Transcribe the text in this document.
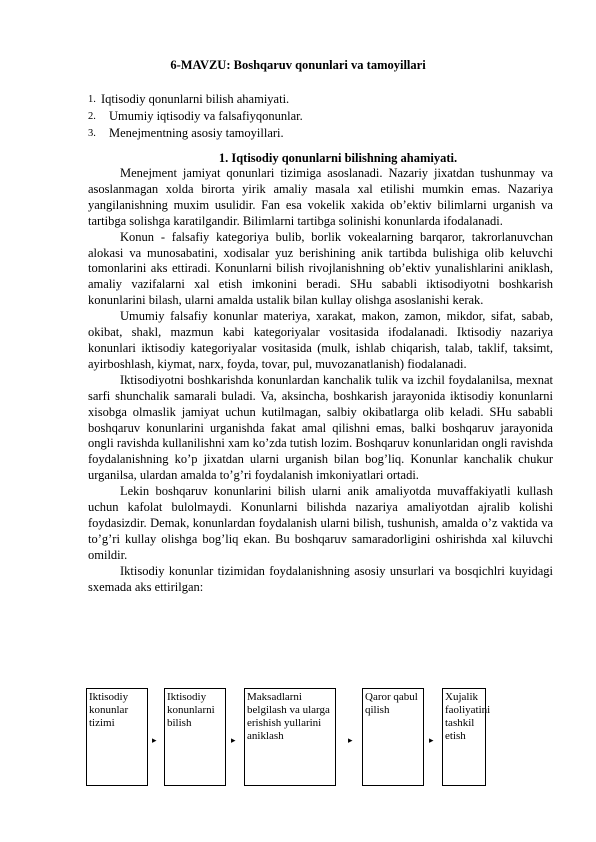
6-MAVZU: Boshqaruv qonunlari va tamoyillari
1. Iqtisodiy qonunlarni bilish ahamiyati.
2.	Umumiy iqtisodiy va falsafiyqonunlar.
3.	Menejmentning asosiy tamoyillari.
1. Iqtisodiy qonunlarni bilishning ahamiyati.

Menejment jamiyat qonunlari tizimiga asoslanadi. Nazariy jixatdan tushunmay va asoslanmagan xolda birorta yirik amaliy masala xal etilishi mumkin emas. Nazariya yangilanishning muxim usulidir. Fan esa vokelik xakida ob’ektiv bilimlarni urganish va tartibga solishga karatilgandir. Bilimlarni tartibga solinishi konunlarda ifodalanadi.

Konun - falsafiy kategoriya bulib, borlik vokealarning barqaror, takrorlanuvchan alokasi va munosabatini, xodisalar yuz berishining anik tartibda bulishiga olib keluvchi tomonlarini aks ettiradi. Konunlarni bilish rivojlanishning ob’ektiv yunalishlarini aniklash, amaliy vazifalarni xal etish imkonini beradi. SHu sababli iktisodiyotni boshkarish konunlarini bilash, ularni amalda ustalik bilan kullay olishga asoslanishi kerak.

Umumiy falsafiy konunlar materiya, xarakat, makon, zamon, mikdor, sifat, sabab, okibat, shakl, mazmun kabi kategoriyalar vositasida ifodalanadi. Iktisodiy nazariya konunlari iktisodiy kategoriyalar vositasida (mulk, ishlab chiqarish, talab, taklif, taksimt, ayirboshlash, kiymat, narx, foyda, tovar, pul, muvozanatlanish) fiodalanadi.

Iktisodiyotni boshkarishda konunlardan kanchalik tulik va izchil foydalanilsa, mexnat sarfi shunchalik samarali buladi. Va, aksincha, boshkarish jarayonida iktisodiy konunlarni xisobga olmaslik jamiyat uchun kutilmagan, salbiy okibatlarga olib keladi. SHu sababli boshqaruv konunlarini urganishda fakat amal qilishni emas, balki boshqaruv jarayonida ongli ravishda kullanilishni xam ko’zda tutish lozim. Boshqaruv konunlaridan ongli ravishda foydalanishning ko’p jixatdan ularni urganish bilan bog’liq. Konunlar kanchalik chukur urganilsa, ulardan amalda to’g’ri foydalanish imkoniyatlari ortadi.

Lekin boshqaruv konunlarini bilish ularni anik amaliyotda muvaffakiyatli kullash uchun kafolat bulolmaydi. Konunlarni bilishda nazariya amaliyotdan ajralib kolishi foydasizdir. Demak, konunlardan foydalanish ularni bilish, tushunish, amalda o’z vaktida va to’g’ri kullay olishga bog’liq ekan. Bu boshqaruv samaradorligini oshirishda xal kiluvchi omildir.

Iktisodiy konunlar tizimidan foydalanishning asosiy unsurlari va bosqichlri kuyidagi sxemada aks ettirilgan:

Iktisodiy konunlar tizimi
▸
Iktisodiy konunlarni bilish
▸
Maksadlarni belgilash va ularga erishish yullarini aniklash	▸
Qaror qabul qilish
▸
Xujalik faoliyatini tashkil etish
